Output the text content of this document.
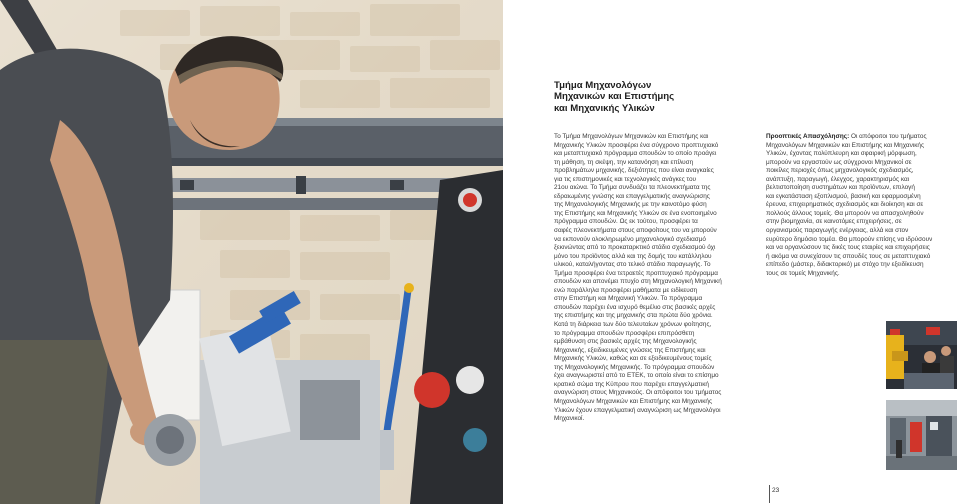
Τμήμα Μηχανολόγων
Μηχανικών και Επιστήμης
και Μηχανικής Υλικών
Το Τμήμα Μηχανολόγων Μηχανικών και Επιστήμης και
Μηχανικής Υλικών προσφέρει ένα σύγχρονο προπτυχιακό
και μεταπτυχιακό πρόγραμμα σπουδών το οποίο προάγει
τη μάθηση, τη σκέψη, την κατανόηση και επίλυση
προβλημάτων μηχανικής, δεξιότητες που είναι αναγκαίες
για τις επιστημονικές και τεχνολογικές ανάγκες του
21ου αιώνα. Το Τμήμα συνδυάζει τα πλεονεκτήματα της
εδραιωμένης γνώσης και επαγγελματικής αναγνώρισης
της Μηχανολογικής Μηχανικής με την καινοτόμο φύση
της Επιστήμης και Μηχανικής Υλικών σε ένα ενοποιημένο
πρόγραμμα σπουδών. Ως εκ τούτου, προσφέρει τα
σαφές πλεονεκτήματα στους αποφοίτους του να μπορούν
να εκπονούν ολοκληρωμένο μηχανολογικό σχεδιασμό
ξεκινώντας από το προκαταρκτικό στάδιο σχεδιασμού όχι
μόνο του προϊόντος αλλά και της δομής του κατάλληλου
υλικού, καταλήγοντας στο τελικό στάδιο παραγωγής. Το
Τμήμα προσφέρει ένα τετραετές προπτυχιακό πρόγραμμα
σπουδών και απονέμει πτυχίο στη Μηχανολογική Μηχανική
ενώ παράλληλα προσφέρει μαθήματα με ειδίκευση
στην Επιστήμη και Μηχανική Υλικών. Το πρόγραμμα
σπουδών παρέχει ένα ισχυρό θεμέλιο στις βασικές αρχές
της επιστήμης και της μηχανικής στα πρώτα δύο χρόνια.
Κατά τη διάρκεια των δύο τελευταίων χρόνων φοίτησης,
το πρόγραμμα σπουδών προσφέρει επιπρόσθετη
εμβάθυνση στις βασικές αρχές της Μηχανολογικής
Μηχανικής, εξειδικευμένες γνώσεις της Επιστήμης και
Μηχανικής Υλικών, καθώς και σε εξειδικευμένους τομείς
της Μηχανολογικής Μηχανικής. Το πρόγραμμα σπουδών
έχει αναγνωριστεί από το ΕΤΕΚ, το οποίο είναι το επίσημο
κρατικό σώμα της Κύπρου που παρέχει επαγγελματική
αναγνώριση στους Μηχανικούς. Οι απόφοιτοι του τμήματος
Μηχανολόγων Μηχανικών και Επιστήμης και Μηχανικής
Υλικών έχουν επαγγελματική αναγνώριση ως Μηχανολόγοι
Μηχανικοί.
Προοπτικές Απασχόλησης: Οι απόφοιτοι του τμήματος
Μηχανολόγων Μηχανικών και Επιστήμης και Μηχανικής
Υλικών, έχοντας πολύπλευρη και σφαιρική μόρφωση,
μπορούν να εργαστούν ως σύγχρονοι Μηχανικοί σε
ποικίλες περιοχές όπως μηχανολογικός σχεδιασμός,
ανάπτυξη, παραγωγή, έλεγχος, χαρακτηρισμός και
βελτιστοποίηση συστημάτων και προϊόντων, επιλογή
και εγκατάσταση εξοπλισμού, βασική και εφαρμοσμένη
έρευνα, επιχειρηματικός σχεδιασμός και διοίκηση και σε
πολλούς άλλους τομείς. Θα μπορούν να απασχοληθούν
στην βιομηχανία, σε καινοτόμες επιχειρήσεις, σε
οργανισμούς παραγωγής ενέργειας, αλλά και στον
ευρύτερο δημόσιο τομέα. Θα μπορούν επίσης να ιδρύσουν
και να οργανώσουν τις δικές τους εταιρίες και επιχειρήσεις
ή ακόμα να συνεχίσουν τις σπουδές τους σε μεταπτυχιακό
επίπεδο (μάστερ, διδακτορικό) με στόχο την εξειδίκευση
τους σε τομείς Μηχανικής.
23
